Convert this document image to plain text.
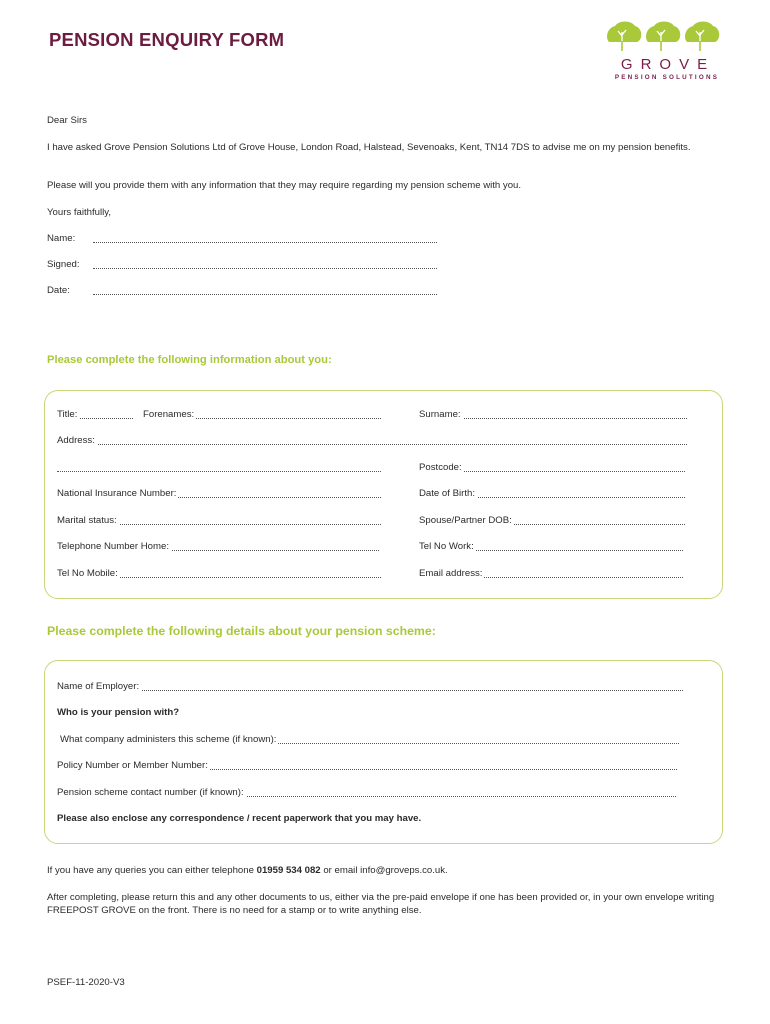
PENSION ENQUIRY FORM
GROVE
PENSION SOLUTIONS
Dear Sirs
I have asked Grove Pension Solutions Ltd of Grove House, London Road, Halstead, Sevenoaks, Kent, TN14 7DS to advise me on my pension benefits.
Please will you provide them with any information that they may require regarding my pension scheme with you.
Yours faithfully,
Name:
Signed:
Date:
Please complete the following information about you:
Title:	Forenames:	Surname:
Address:
Postcode:
National Insurance Number:	Date of Birth:
Marital status:	Spouse/Partner DOB:
Telephone Number Home:	Tel No Work:
Tel No Mobile:	Email address:
Please complete the following details about your pension scheme:
Name of Employer:
Who is your pension with?
What company administers this scheme (if known):
Policy Number or Member Number:
Pension scheme contact number (if known):
Please also enclose any correspondence / recent paperwork that you may have.
If you have any queries you can either telephone 01959 534 082 or email info@groveps.co.uk.
After completing, please return this and any other documents to us, either via the pre-paid envelope if one has been provided or, in your own envelope writing FREEPOST GROVE on the front. There is no need for a stamp or to write anything else.
PSEF-11-2020-V3
